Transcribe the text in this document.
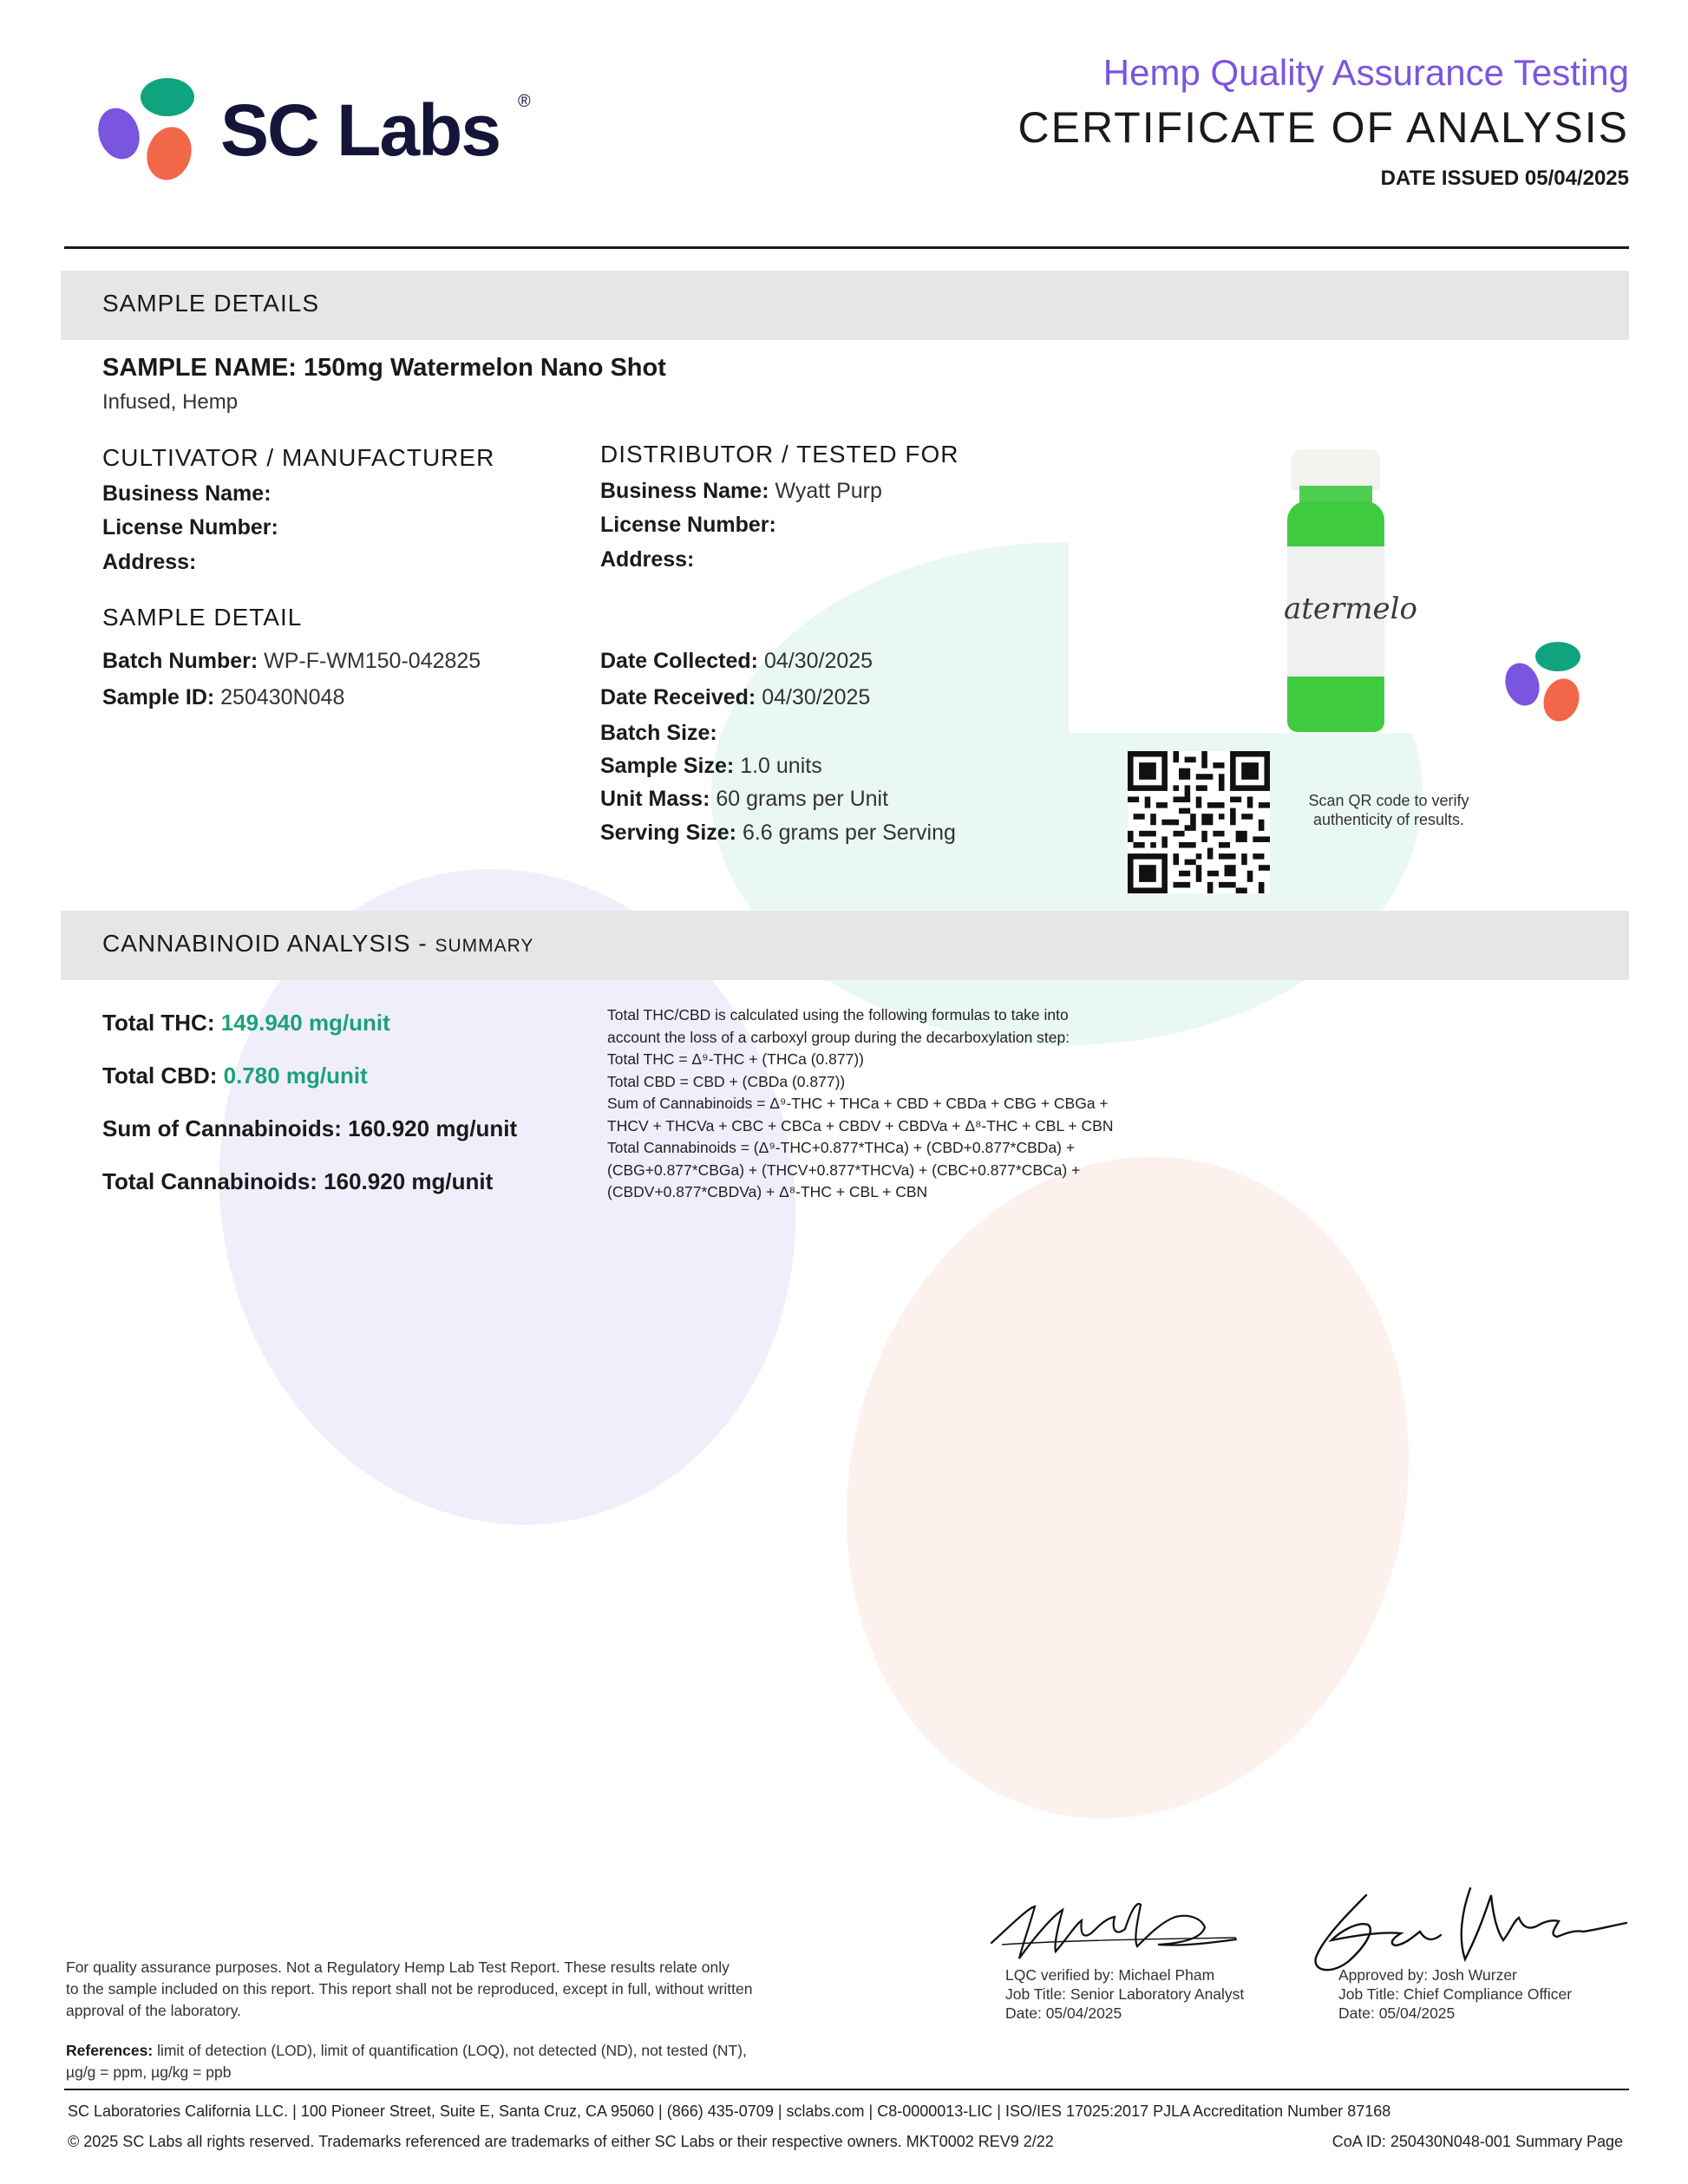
SC Labs ®
Hemp Quality Assurance Testing
CERTIFICATE OF ANALYSIS
DATE ISSUED 05/04/2025
SAMPLE DETAILS
SAMPLE NAME: 150mg Watermelon Nano Shot
Infused, Hemp
CULTIVATOR / MANUFACTURER
Business Name:
License Number:
Address:
DISTRIBUTOR / TESTED FOR
Business Name: Wyatt Purp
License Number:
Address:
SAMPLE DETAIL
Batch Number: WP-F-WM150-042825
Sample ID: 250430N048
Date Collected: 04/30/2025
Date Received: 04/30/2025
Batch Size:
Sample Size: 1.0 units
Unit Mass: 60 grams per Unit
Serving Size: 6.6 grams per Serving
atermelo
Scan QR code to verify
authenticity of results.
CANNABINOID ANALYSIS - SUMMARY
Total THC: 149.940 mg/unit
Total CBD: 0.780 mg/unit
Sum of Cannabinoids: 160.920 mg/unit
Total Cannabinoids: 160.920 mg/unit
Total THC/CBD is calculated using the following formulas to take into
account the loss of a carboxyl group during the decarboxylation step:
Total THC = Δ⁹-THC + (THCa (0.877))
Total CBD = CBD + (CBDa (0.877))
Sum of Cannabinoids = Δ⁹-THC + THCa + CBD + CBDa + CBG + CBGa +
THCV + THCVa + CBC + CBCa + CBDV + CBDVa + Δ⁸-THC + CBL + CBN
Total Cannabinoids = (Δ⁹-THC+0.877*THCa) + (CBD+0.877*CBDa) +
(CBG+0.877*CBGa) + (THCV+0.877*THCVa) + (CBC+0.877*CBCa) +
(CBDV+0.877*CBDVa) + Δ⁸-THC + CBL + CBN
For quality assurance purposes. Not a Regulatory Hemp Lab Test Report. These results relate only
to the sample included on this report. This report shall not be reproduced, except in full, without written
approval of the laboratory.
References: limit of detection (LOD), limit of quantification (LOQ), not detected (ND), not tested (NT),
µg/g = ppm, µg/kg = ppb
LQC verified by: Michael Pham
Job Title: Senior Laboratory Analyst
Date: 05/04/2025
Approved by: Josh Wurzer
Job Title: Chief Compliance Officer
Date: 05/04/2025
SC Laboratories California LLC. | 100 Pioneer Street, Suite E, Santa Cruz, CA 95060 | (866) 435-0709 | sclabs.com | C8-0000013-LIC | ISO/IES 17025:2017 PJLA Accreditation Number 87168
© 2025 SC Labs all rights reserved. Trademarks referenced are trademarks of either SC Labs or their respective owners. MKT0002 REV9 2/22	CoA ID: 250430N048-001 Summary Page
